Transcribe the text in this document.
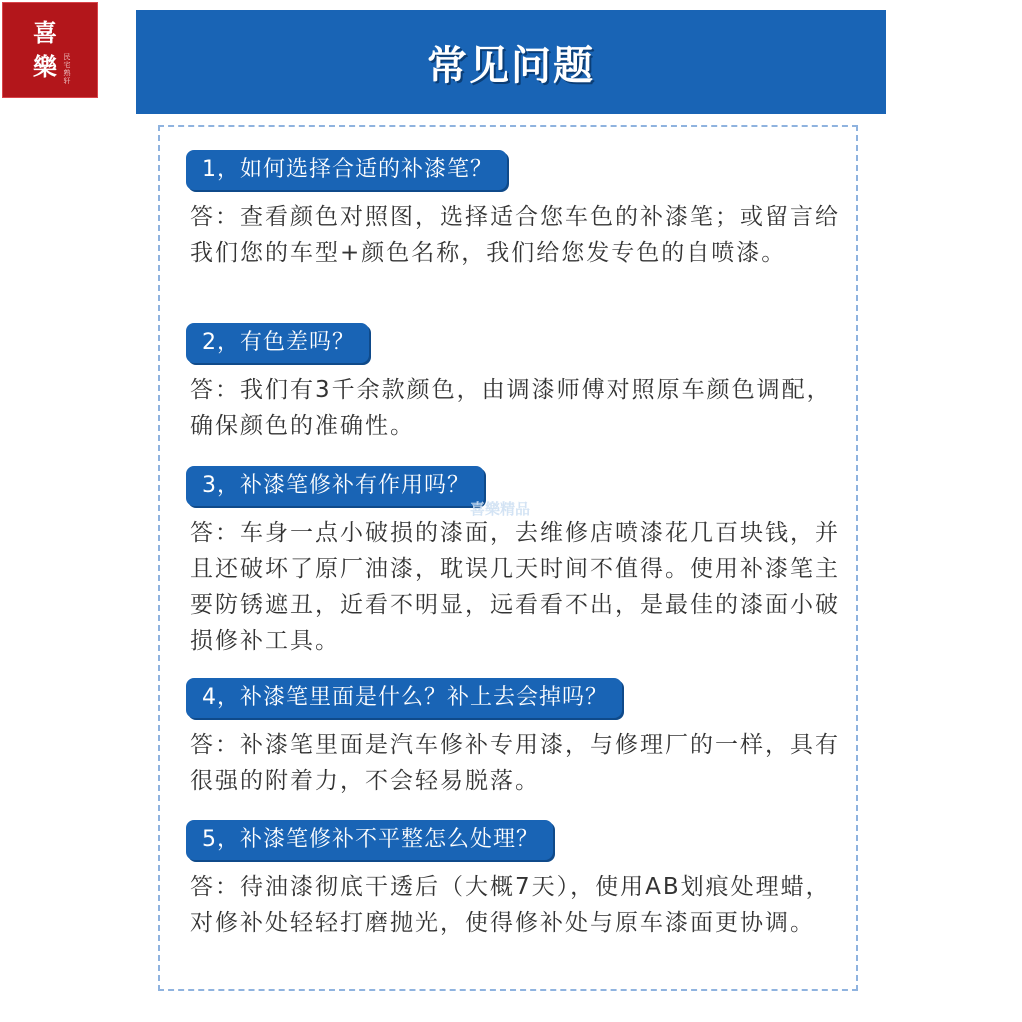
喜
樂 民宅熟轩	常见问题
1，如何选择合适的补漆笔？
答：查看颜色对照图，选择适合您车色的补漆笔；或留言给我们您的车型+颜色名称，我们给您发专色的自喷漆。
2，有色差吗？
答：我们有3千余款颜色，由调漆师傅对照原车颜色调配，确保颜色的准确性。
3，补漆笔修补有作用吗？
答：车身一点小破损的漆面，去维修店喷漆花几百块钱，并且还破坏了原厂油漆，耽误几天时间不值得。使用补漆笔主要防锈遮丑，近看不明显，远看看不出，是最佳的漆面小破损修补工具。
4，补漆笔里面是什么？补上去会掉吗？
答：补漆笔里面是汽车修补专用漆，与修理厂的一样，具有很强的附着力，不会轻易脱落。
5，补漆笔修补不平整怎么处理？
答：待油漆彻底干透后（大概7天），使用AB划痕处理蜡，对修补处轻轻打磨抛光，使得修补处与原车漆面更协调。
喜樂精品
